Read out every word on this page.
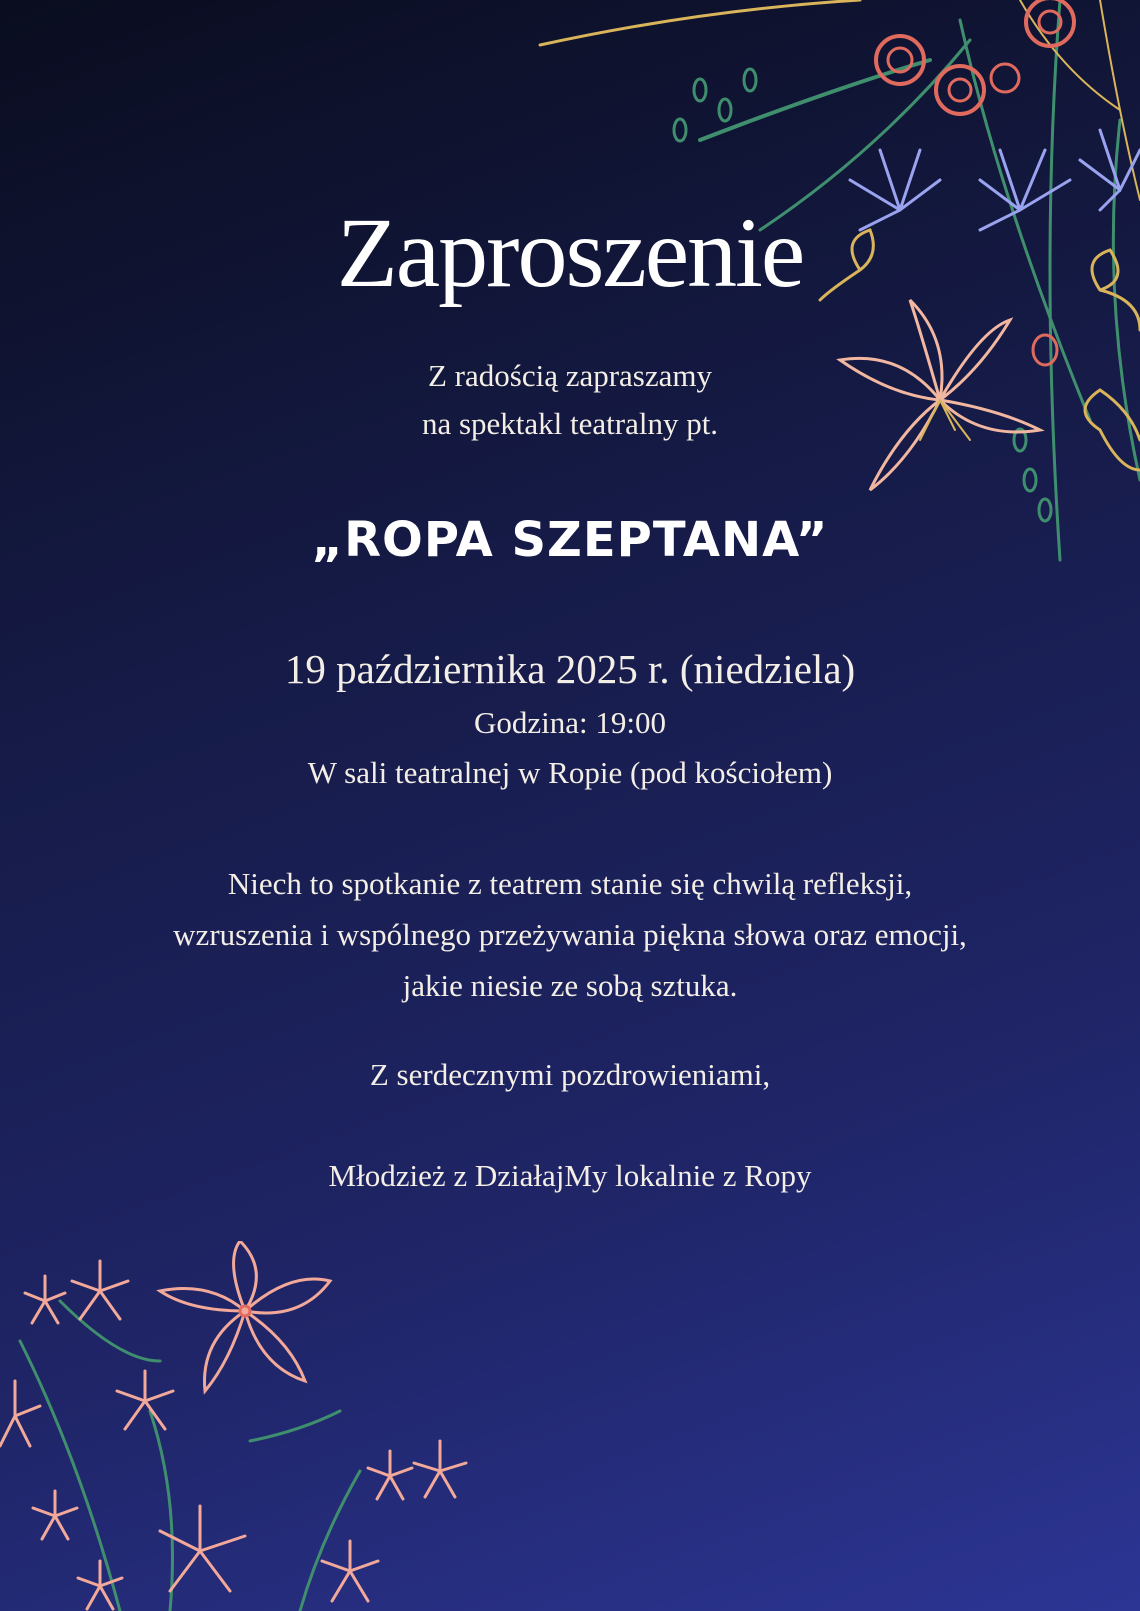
Zaproszenie
Z radością zapraszamy
na spektakl teatralny pt.
„ROPA SZEPTANA”
19 października 2025 r. (niedziela)
Godzina: 19:00
W sali teatralnej w Ropie (pod kościołem)
Niech to spotkanie z teatrem stanie się chwilą refleksji,
wzruszenia i wspólnego przeżywania piękna słowa oraz emocji,
jakie niesie ze sobą sztuka.
Z serdecznymi pozdrowieniami,
Młodzież z DziałajMy lokalnie z Ropy
